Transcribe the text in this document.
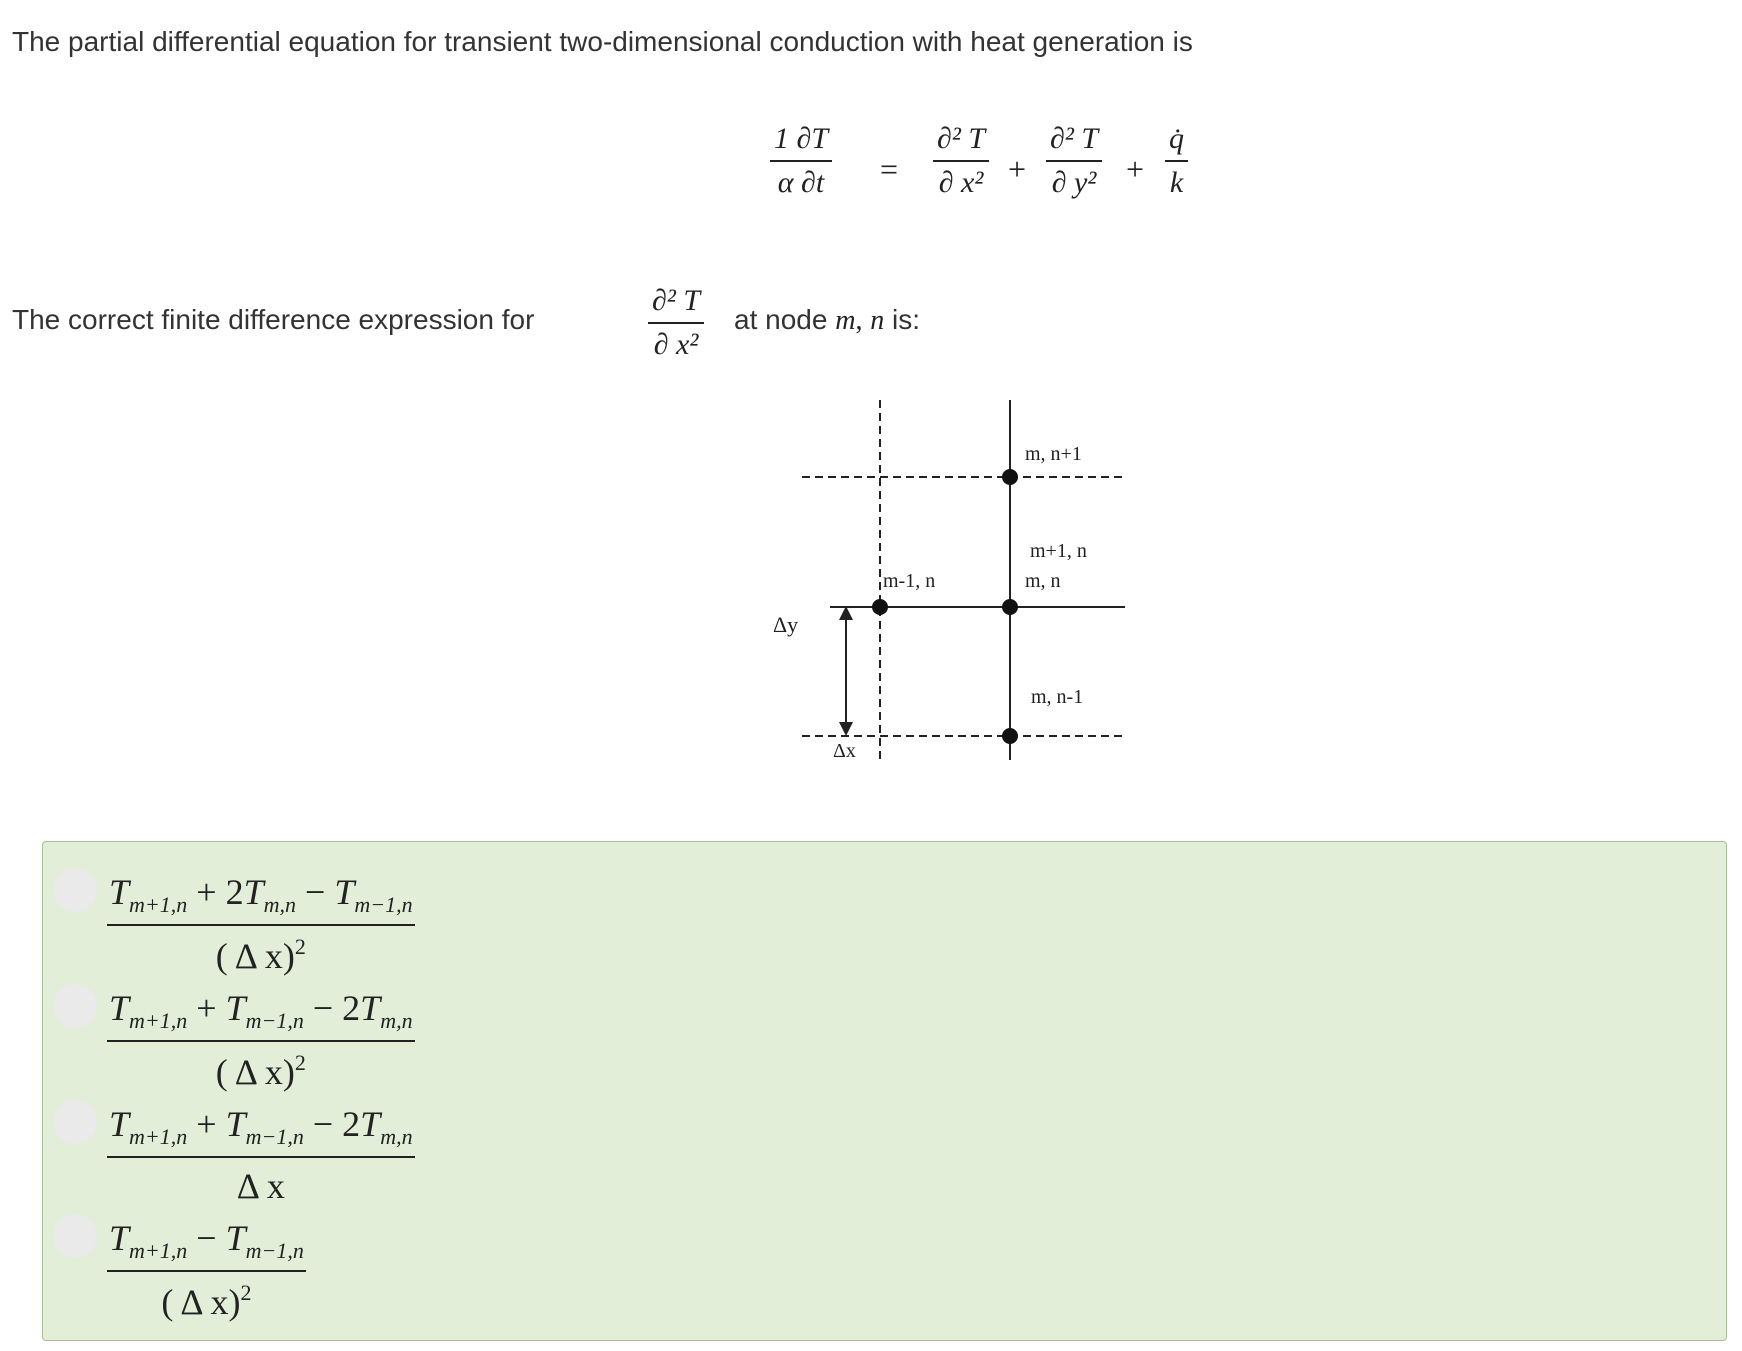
The partial differential equation for transient two-dimensional conduction with heat generation is
$\frac{1 \partial T}{\alpha \partial t} = \frac{\text{∂² T}}{\text{∂ x²}} + \frac{\text{∂² T}}{\text{∂ y²}} + \frac{q̇}{k}$
The correct finite difference expression for	$\frac{\text{∂² T}}{\text{∂ x²}}$ at node m, n is:
m, n+1
m-1, n	m, n
m, n-1
Δy
m+1, n
Δx
$\frac{T_{m+1,n} + 2T_{m,n} - T_{m-1,n}}{( \Delta x)^2}$
$\frac{T_{m+1,n} + T_{m-1,n} - 2T_{m,n}}{( \Delta x)^2}$
$\frac{T_{m+1,n} + T_{m-1,n} - 2T_{m,n}}{\text{Δ x}}$
$\frac{T_{m+1,n} - T_{m-1,n}}{( \Delta x)^2}$
